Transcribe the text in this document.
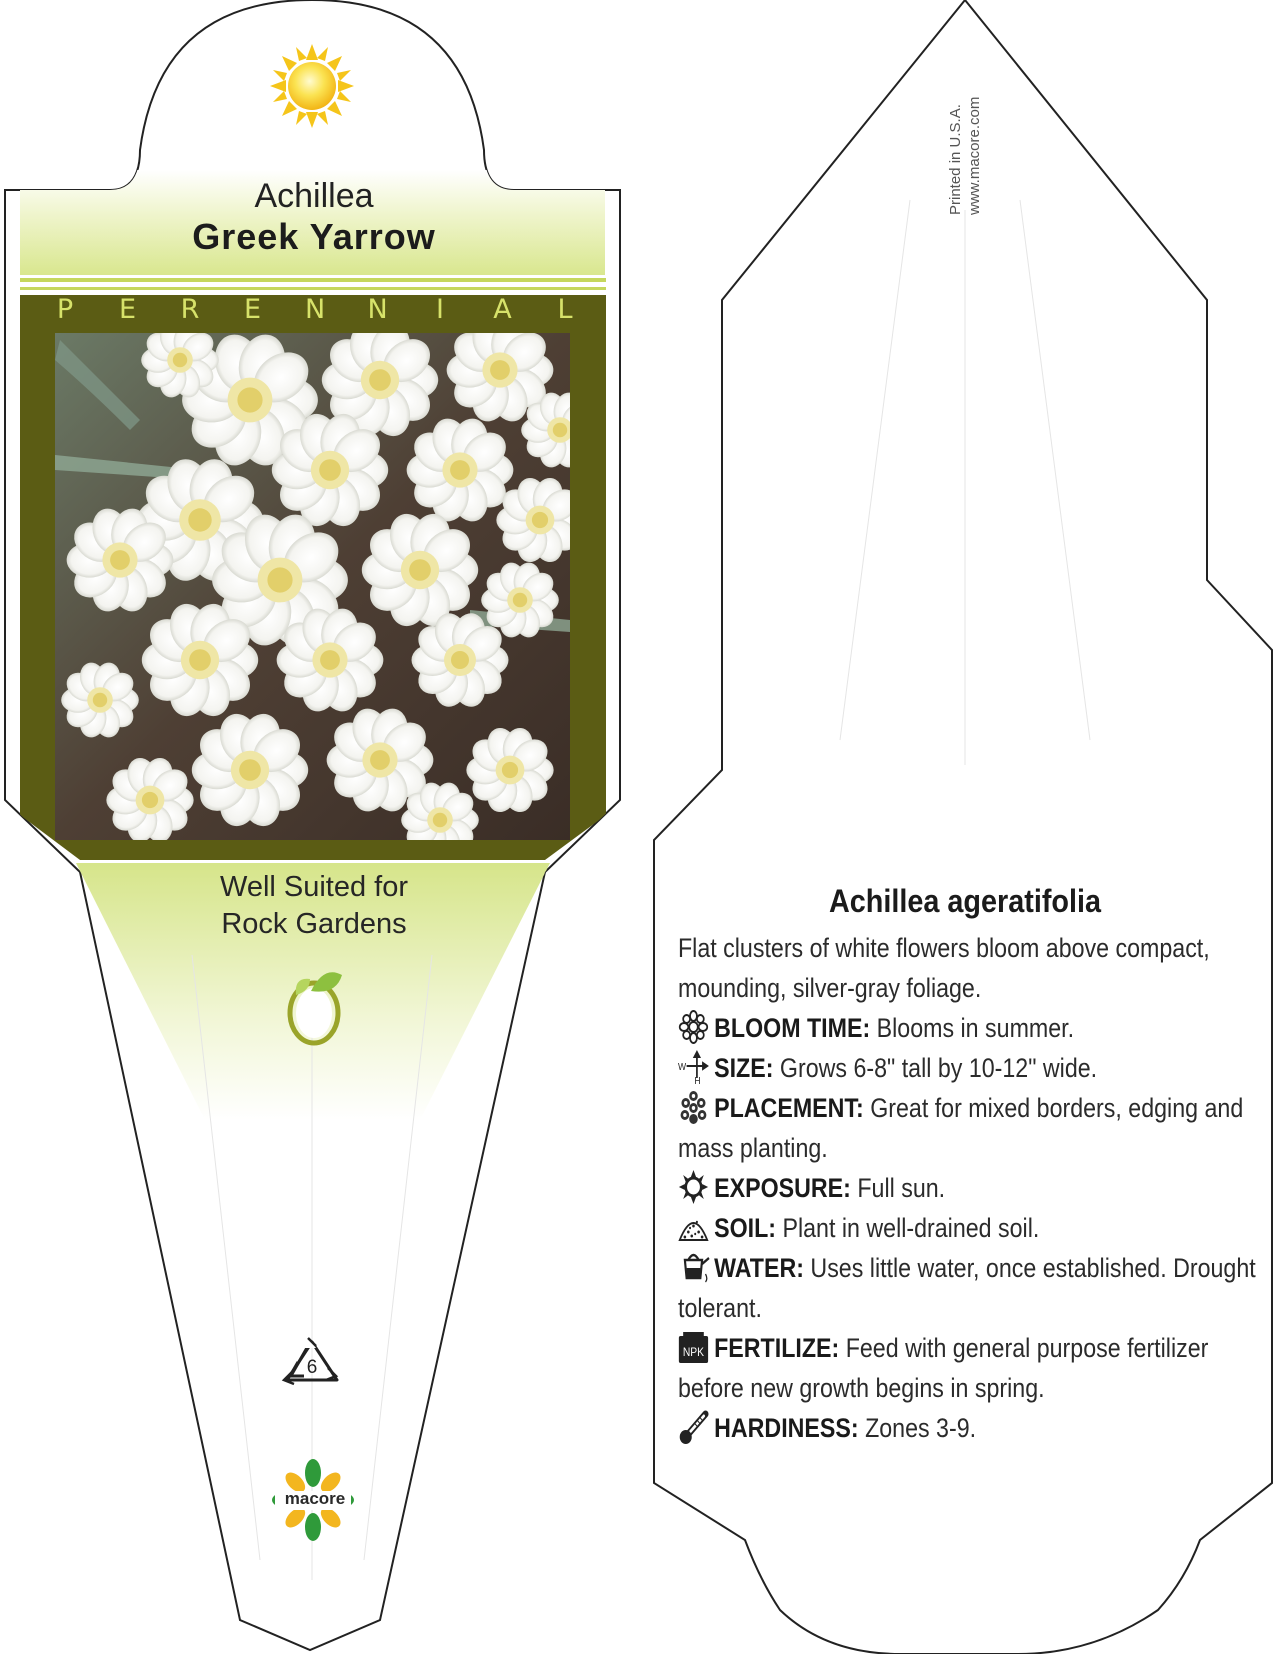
6
Achillea
Greek Yarrow
P E R E N N I A L
Well Suited for
Rock Gardens
macore
Printed in U.S.A. www.macore.com
Achillea ageratifolia
Flat clusters of white flowers bloom above compact, mounding, silver-gray foliage.
BLOOM TIME: Blooms in summer.
W
H SIZE: Grows 6-8" tall by 10-12" wide.
PLACEMENT: Great for mixed borders, edging and mass planting.
EXPOSURE: Full sun.
SOIL: Plant in well-drained soil.
WATER: Uses little water, once established. Drought tolerant.
NPK FERTILIZE: Feed with general purpose fertilizer before new growth begins in spring.
HARDINESS: Zones 3-9.
